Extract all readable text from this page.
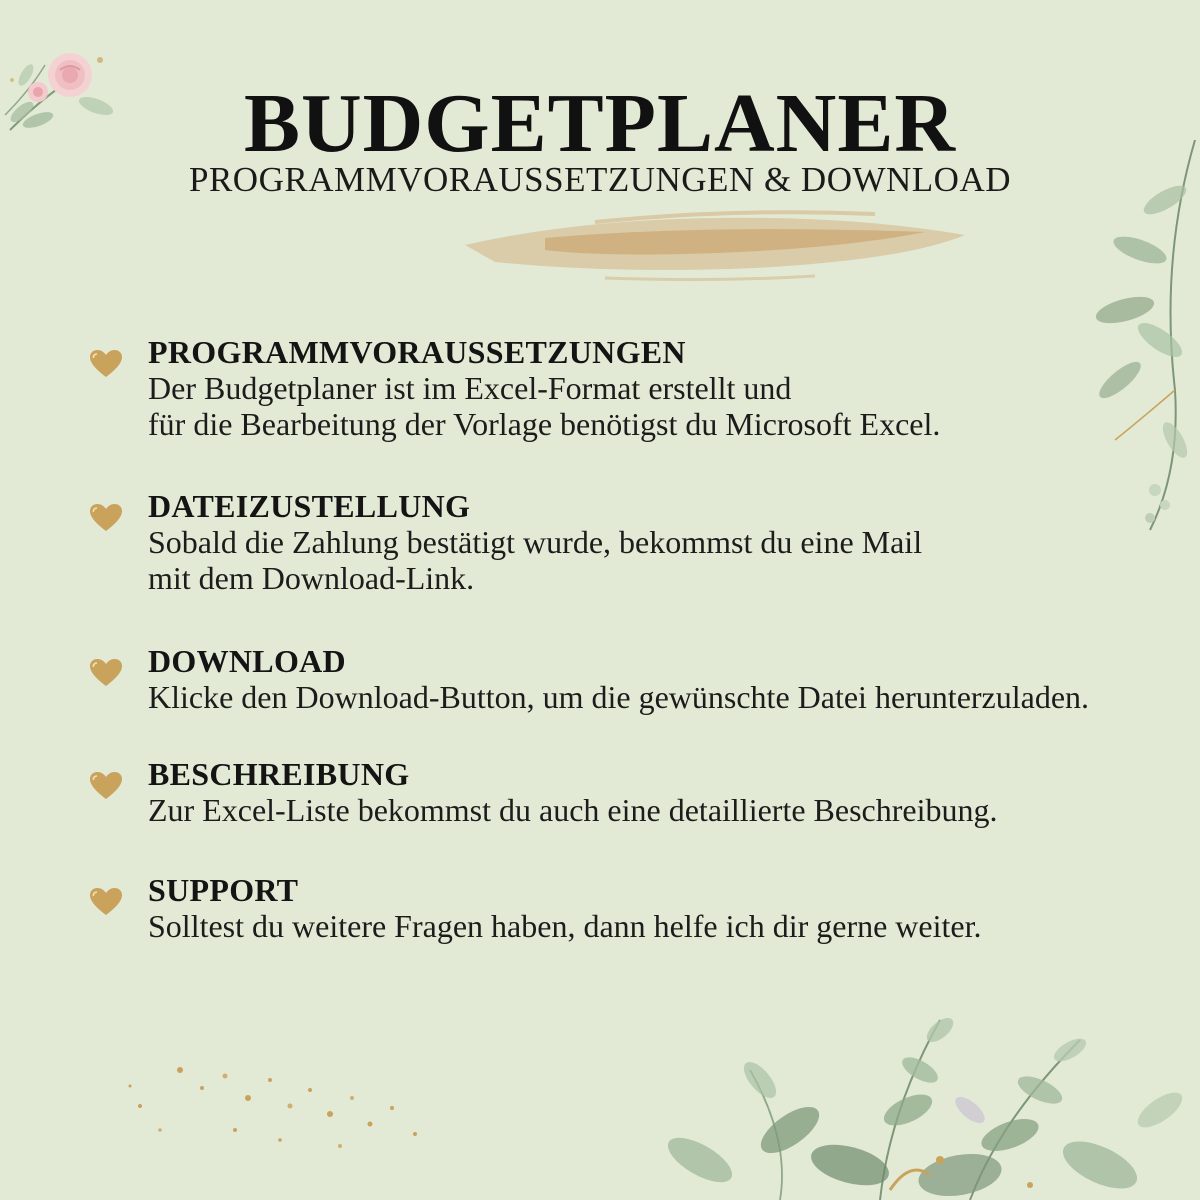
BUDGETPLANER
PROGRAMMVORAUSSETZUNGEN & DOWNLOAD
PROGRAMMVORAUSSETZUNGEN
Der Budgetplaner ist im Excel-Format erstellt und
für die Bearbeitung der Vorlage benötigst du Microsoft Excel.
DATEIZUSTELLUNG
Sobald die Zahlung bestätigt wurde, bekommst du eine Mail
mit dem Download-Link.
DOWNLOAD
Klicke den Download-Button, um die gewünschte Datei herunterzuladen.
BESCHREIBUNG
Zur Excel-Liste bekommst du auch eine detaillierte Beschreibung.
SUPPORT
Solltest du weitere Fragen haben, dann helfe ich dir gerne weiter.
